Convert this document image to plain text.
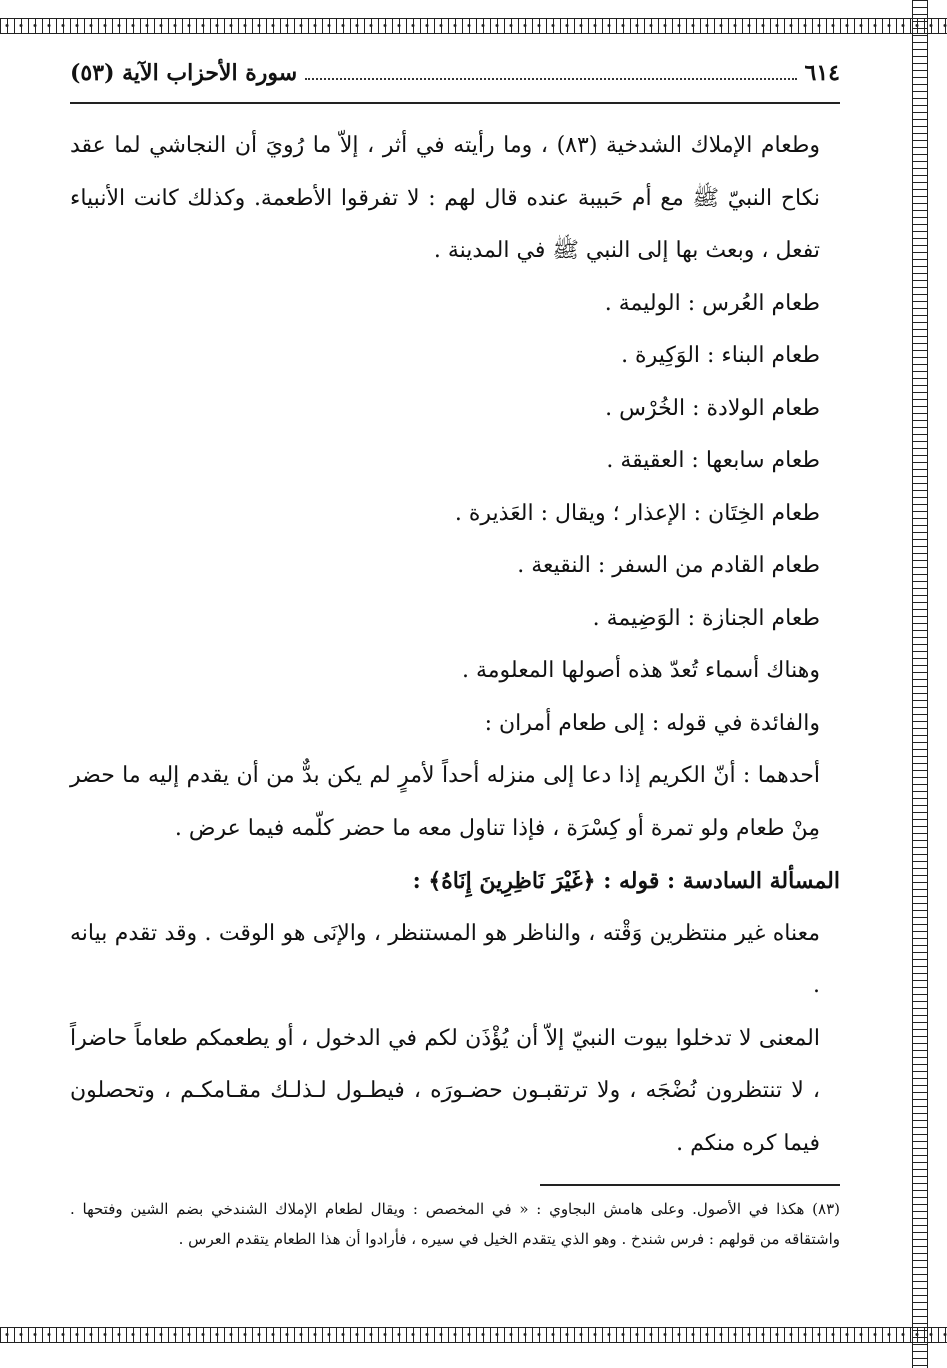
٦١٤
سورة الأحزاب الآية (٥٣)

وطعام الإملاك الشدخية (٨٣) ، وما رأيته في أثر ، إلاّ ما رُويَ أن النجاشي لما عقد نكاح النبيّ ﷺ مع أم حَبيبة عنده قال لهم : لا تفرقوا الأطعمة. وكذلك كانت الأنبياء تفعل ، وبعث بها إلى النبي ﷺ في المدينة .

طعام العُرس : الوليمة .

طعام البناء : الوَكِيرة .

طعام الولادة : الخُرْس .

طعام سابعها : العقيقة .

طعام الخِتَان : الإعذار ؛ ويقال : العَذيرة .

طعام القادم من السفر : النقيعة .

طعام الجنازة : الوَضِيمة .

وهناك أسماء تُعدّ هذه أصولها المعلومة .

والفائدة في قوله : إلى طعام أمران :

أحدهما : أنّ الكريم إذا دعا إلى منزله أحداً لأمرٍ لم يكن بدٌّ من أن يقدم إليه ما حضر مِنْ طعام ولو تمرة أو كِسْرَة ، فإذا تناول معه ما حضر كلّمه فيما عرض .

المسألة السادسة : قوله : ﴿غَيْرَ نَاظِرِينَ إِنَاهُ﴾ :

معناه غير منتظرين وَقْته ، والناظر هو المستنظر ، والإنَى هو الوقت . وقد تقدم بيانه .

المعنى لا تدخلوا بيوت النبيّ إلاّ أن يُؤْذَن لكم في الدخول ، أو يطعمكم طعاماً حاضراً ، لا تنتظرون نُضْجَه ، ولا ترتقبـون حضـورَه ، فيطـول لـذلـك مقـامكـم ، وتحصلون فيما كره منكم .

(٨٣) هكذا في الأصول. وعلى هامش البجاوي : « في المخصص : ويقال لطعام الإملاك الشندخي بضم الشين وفتحها . واشتقاقه من قولهم : فرس شندخ . وهو الذي يتقدم الخيل في سيره ، فأرادوا أن هذا الطعام يتقدم العرس .
